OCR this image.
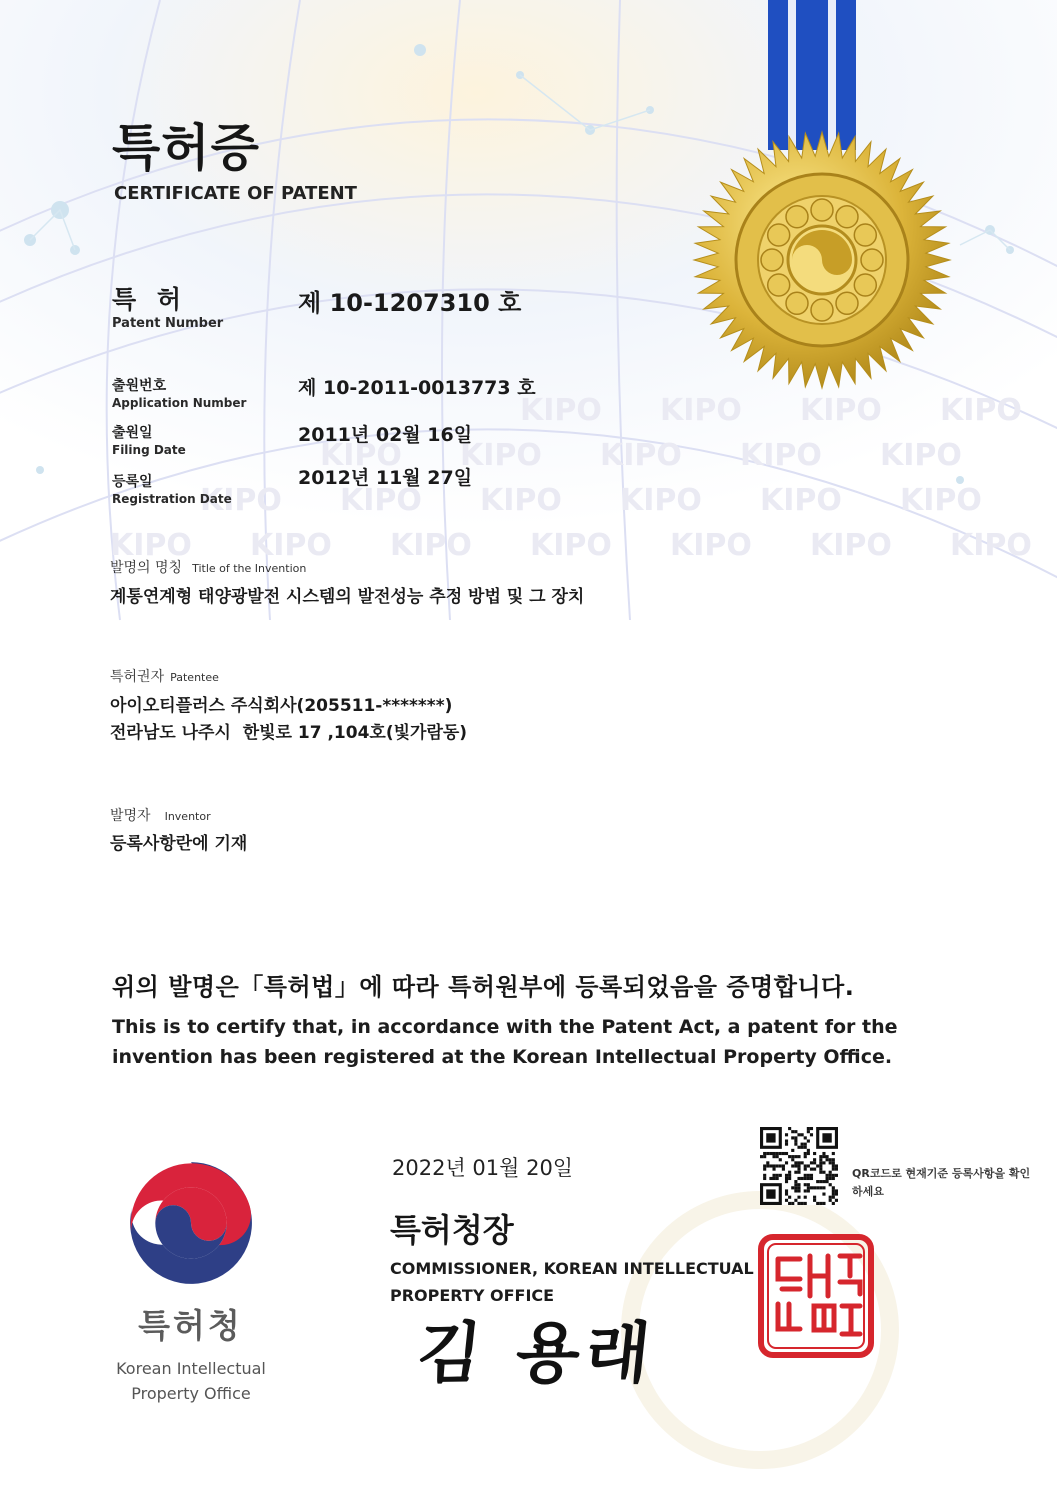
KIPO KIPO KIPO KIPO
KIPO KIPO KIPO KIPO KIPO
KIPO KIPO KIPO KIPO KIPO KIPO
KIPO KIPO KIPO KIPO KIPO KIPO KIPO
특허증
CERTIFICATE OF PATENT
특 허
Patent Number
제 10-1207310 호
출원번호
Application Number
제 10-2011-0013773 호
출원일
Filing Date
2011년 02월 16일
등록일
Registration Date
2012년 11월 27일
발명의 명칭 Title of the Invention
계통연계형 태양광발전 시스템의 발전성능 추정 방법 및 그 장치
특허권자 Patentee
아이오티플러스 주식회사(205511-*******)
전라남도 나주시  한빛로 17 ,104호(빛가람동)
발명자 Inventor
등록사항란에 기재
위의 발명은「특허법」에 따라 특허원부에 등록되었음을 증명합니다.
This is to certify that, in accordance with the Patent Act, a patent for the invention has been registered at the Korean Intellectual Property Office.
2022년 01월 20일	QR코드로 현재기준 등록사항을 확인하세요
특허청장
COMMISSIONER, KOREAN INTELLECTUAL PROPERTY OFFICE
김 용래
특허청
Korean Intellectual Property Office
